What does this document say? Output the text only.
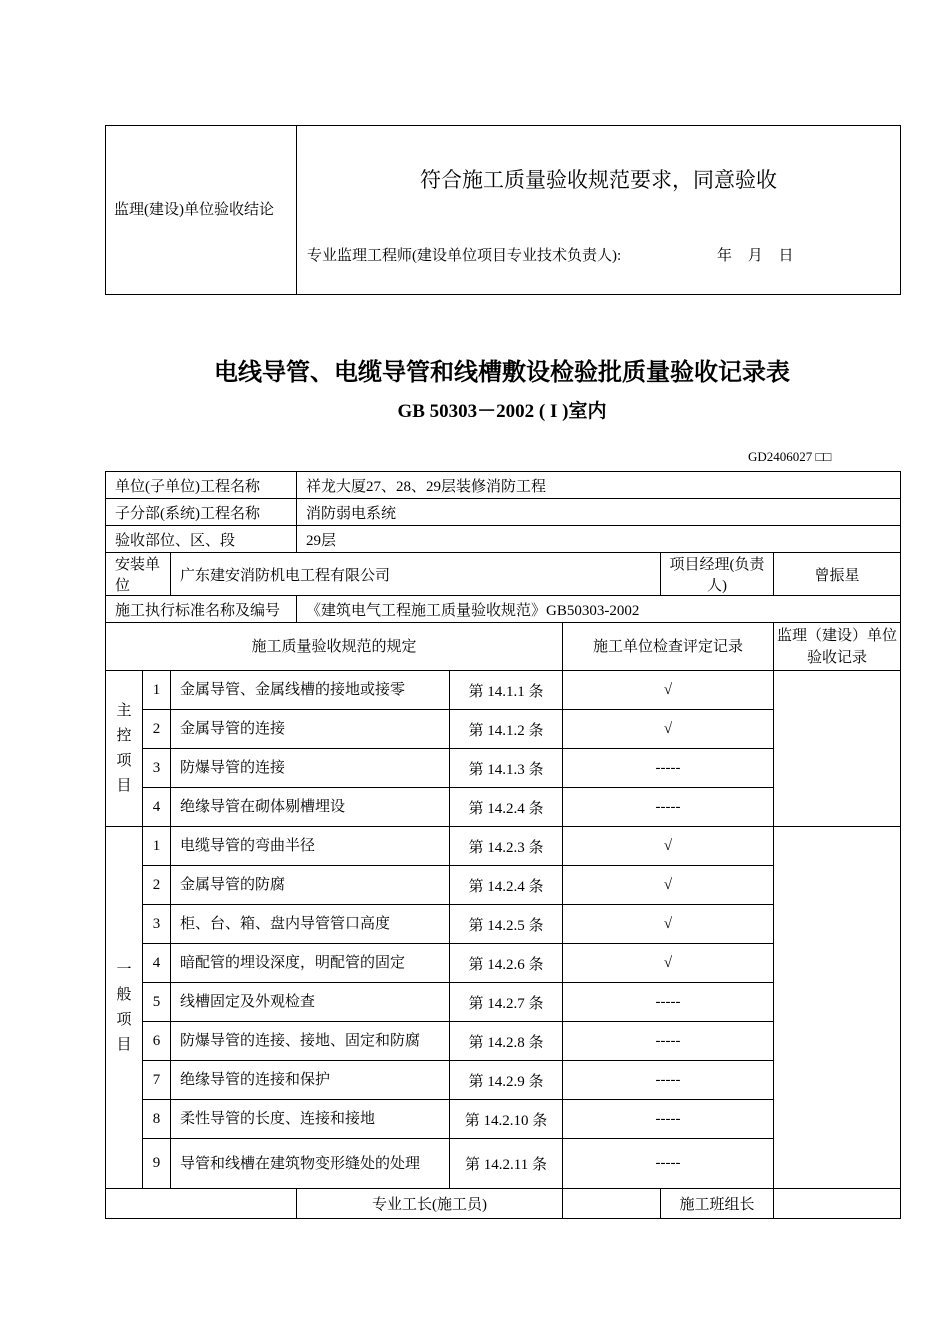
监理(建设)单位验收结论	
符合施工质量验收规范要求，同意验收
专业监理工程师(建设单位项目专业技术负责人):	年 月 日
电线导管、电缆导管和线槽敷设检验批质量验收记录表
GB 50303－2002 ( I )室内
GD2406027 □□
单位(子单位)工程名称			祥龙大厦27、28、29层装修消防工程				
子分部(系统)工程名称			消防弱电系统				
验收部位、区、段			29层				
安装单位		广东建安消防机电工程有限公司				项目经理(负责人)	曾振星
施工执行标准名称及编号			《建筑电气工程施工质量验收规范》GB50303-2002				
施工质量验收规范的规定					施工单位检查评定记录		监理（建设）单位验收记录

主
控
项
目	1	金属导管、金属线槽的接地或接零		第 14.1.1 条	√		
	2	金属导管的连接		第 14.1.2 条	√		
	3	防爆导管的连接		第 14.1.3 条	-----		
	4	绝缘导管在砌体剔槽埋设		第 14.2.4 条	-----		

一
般
项
目	1	电缆导管的弯曲半径		第 14.2.3 条	√		
	2	金属导管的防腐		第 14.2.4 条	√		
	3	柜、台、箱、盘内导管管口高度		第 14.2.5 条	√		
	4	暗配管的埋设深度，明配管的固定		第 14.2.6 条	√		
	5	线槽固定及外观检查		第 14.2.7 条	-----		
	6	防爆导管的连接、接地、固定和防腐		第 14.2.8 条	-----		
	7	绝缘导管的连接和保护		第 14.2.9 条	-----		
	8	柔性导管的长度、连接和接地		第 14.2.10 条	-----		
	9	导管和线槽在建筑物变形缝处的处理		第 14.2.11 条	-----		
			专业工长(施工员)			施工班组长	
